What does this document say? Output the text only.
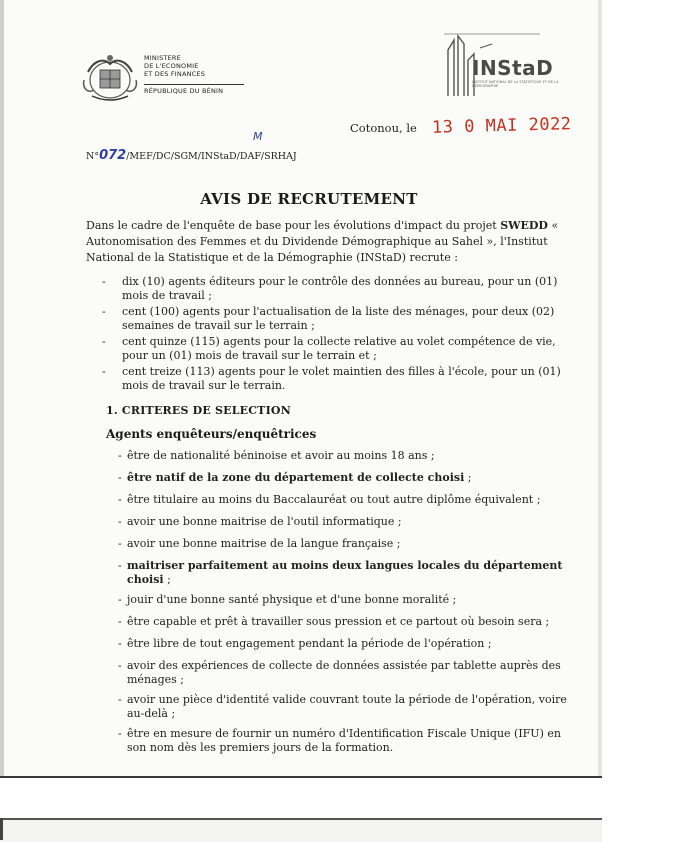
MINISTERE
DE L'ECONOMIE
ET DES FINANCES
RÉPUBLIQUE DU BÉNIN
INStaD
INSTITUT NATIONAL DE LA STATISTIQUE ET DE LA DEMOGRAPHIE
Cotonou, le 13 0 MAI 2022
M
N°072/MEF/DC/SGM/INStaD/DAF/SRHAJ
AVIS DE RECRUTEMENT
Dans le cadre de l'enquête de base pour les évolutions d'impact du projet SWEDD « Autonomisation des Femmes et du Dividende Démographique au Sahel », l'Institut National de la Statistique et de la Démographie (INStaD) recrute :
- dix (10) agents éditeurs pour le contrôle des données au bureau, pour un (01) mois de travail ;
- cent (100) agents pour l'actualisation de la liste des ménages, pour deux (02) semaines de travail sur le terrain ;
- cent quinze (115) agents pour la collecte relative au volet compétence de vie, pour un (01) mois de travail sur le terrain et ;
- cent treize (113) agents pour le volet maintien des filles à l'école, pour un (01) mois de travail sur le terrain.
1. CRITERES DE SELECTION
Agents enquêteurs/enquêtrices
- être de nationalité béninoise et avoir au moins 18 ans ;
- être natif de la zone du département de collecte choisi ;
- être titulaire au moins du Baccalauréat ou tout autre diplôme équivalent ;
- avoir une bonne maitrise de l'outil informatique ;
- avoir une bonne maitrise de la langue française ;
- maitriser parfaitement au moins deux langues locales du département choisi ;
- jouir d'une bonne santé physique et d'une bonne moralité ;
- être capable et prêt à travailler sous pression et ce partout où besoin sera ;
- être libre de tout engagement pendant la période de l'opération ;
- avoir des expériences de collecte de données assistée par tablette auprès des ménages ;
- avoir une pièce d'identité valide couvrant toute la période de l'opération, voire au-delà ;
- être en mesure de fournir un numéro d'Identification Fiscale Unique (IFU) en son nom dès les premiers jours de la formation.
